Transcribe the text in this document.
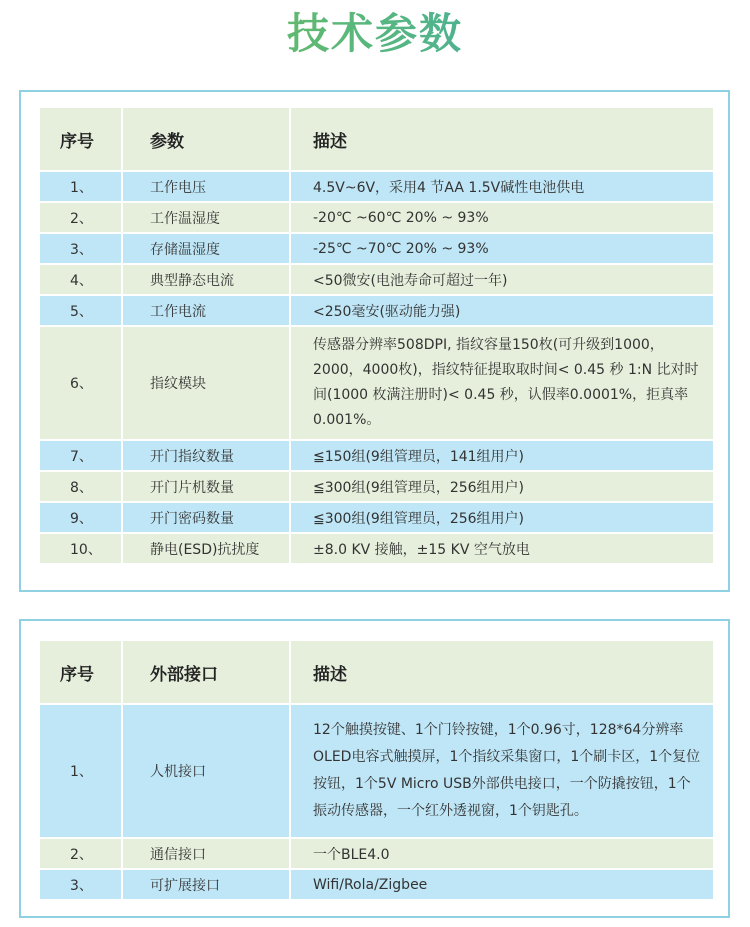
技术参数
序号	参数	描述
1、	工作电压	4.5V~6V，采用4 节AA 1.5V碱性电池供电
2、	工作温湿度	-20℃ ~60℃ 20% ~ 93%
3、	存储温湿度	-25℃ ~70℃ 20% ~ 93%
4、	典型静态电流	<50微安(电池寿命可超过一年)
5、	工作电流	<250毫安(驱动能力强)
6、	指纹模块	传感器分辨率508DPI, 指纹容量150枚(可升级到1000，2000，4000枚)，指纹特征提取取时间< 0.45 秒 1:N 比对时间(1000 枚满注册时)< 0.45 秒，认假率0.0001%，拒真率0.001%。
7、	开门指纹数量	≦150组(9组管理员，141组用户)
8、	开门片机数量	≦300组(9组管理员，256组用户)
9、	开门密码数量	≦300组(9组管理员，256组用户)
10、	静电(ESD)抗扰度	±8.0 KV 接触，±15 KV 空气放电
序号	外部接口	描述
1、	人机接口	12个触摸按键、1个门铃按键，1个0.96寸，128*64分辨率OLED电容式触摸屏，1个指纹采集窗口，1个刷卡区，1个复位按钮，1个5V Micro USB外部供电接口，一个防撬按钮，1个振动传感器，一个红外透视窗，1个钥匙孔。
2、	通信接口	一个BLE4.0
3、	可扩展接口	Wifi/Rola/Zigbee
